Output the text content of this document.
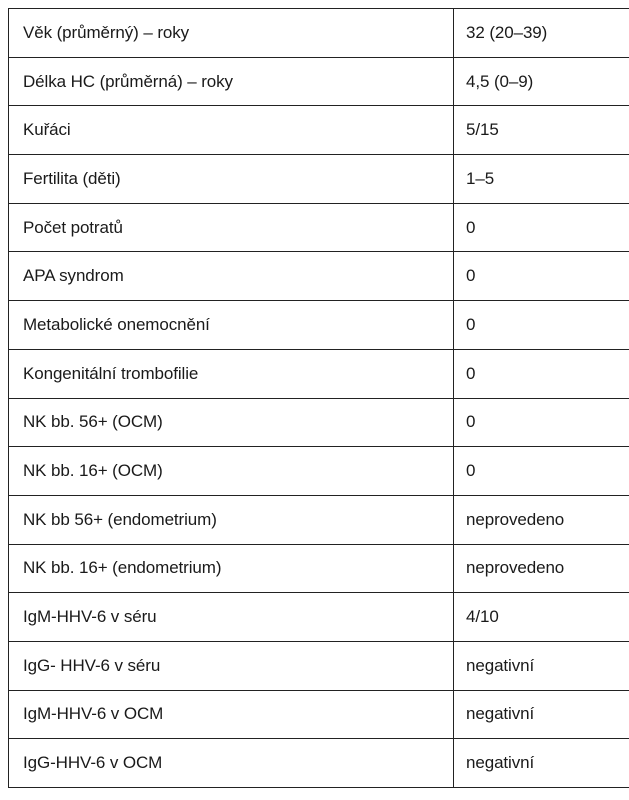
Věk (průměrný) – roky	32 (20–39)
Délka HC (průměrná) – roky	4,5 (0–9)
Kuřáci	5/15
Fertilita (děti)	1–5
Počet potratů	0
APA syndrom	0
Metabolické onemocnění	0
Kongenitální trombofilie	0
NK bb. 56+ (OCM)	0
NK bb. 16+ (OCM)	0
NK bb 56+ (endometrium)	neprovedeno
NK bb. 16+ (endometrium)	neprovedeno
IgM-HHV-6 v séru	4/10
IgG- HHV-6 v séru	negativní
IgM-HHV-6 v OCM	negativní
IgG-HHV-6 v OCM	negativní
